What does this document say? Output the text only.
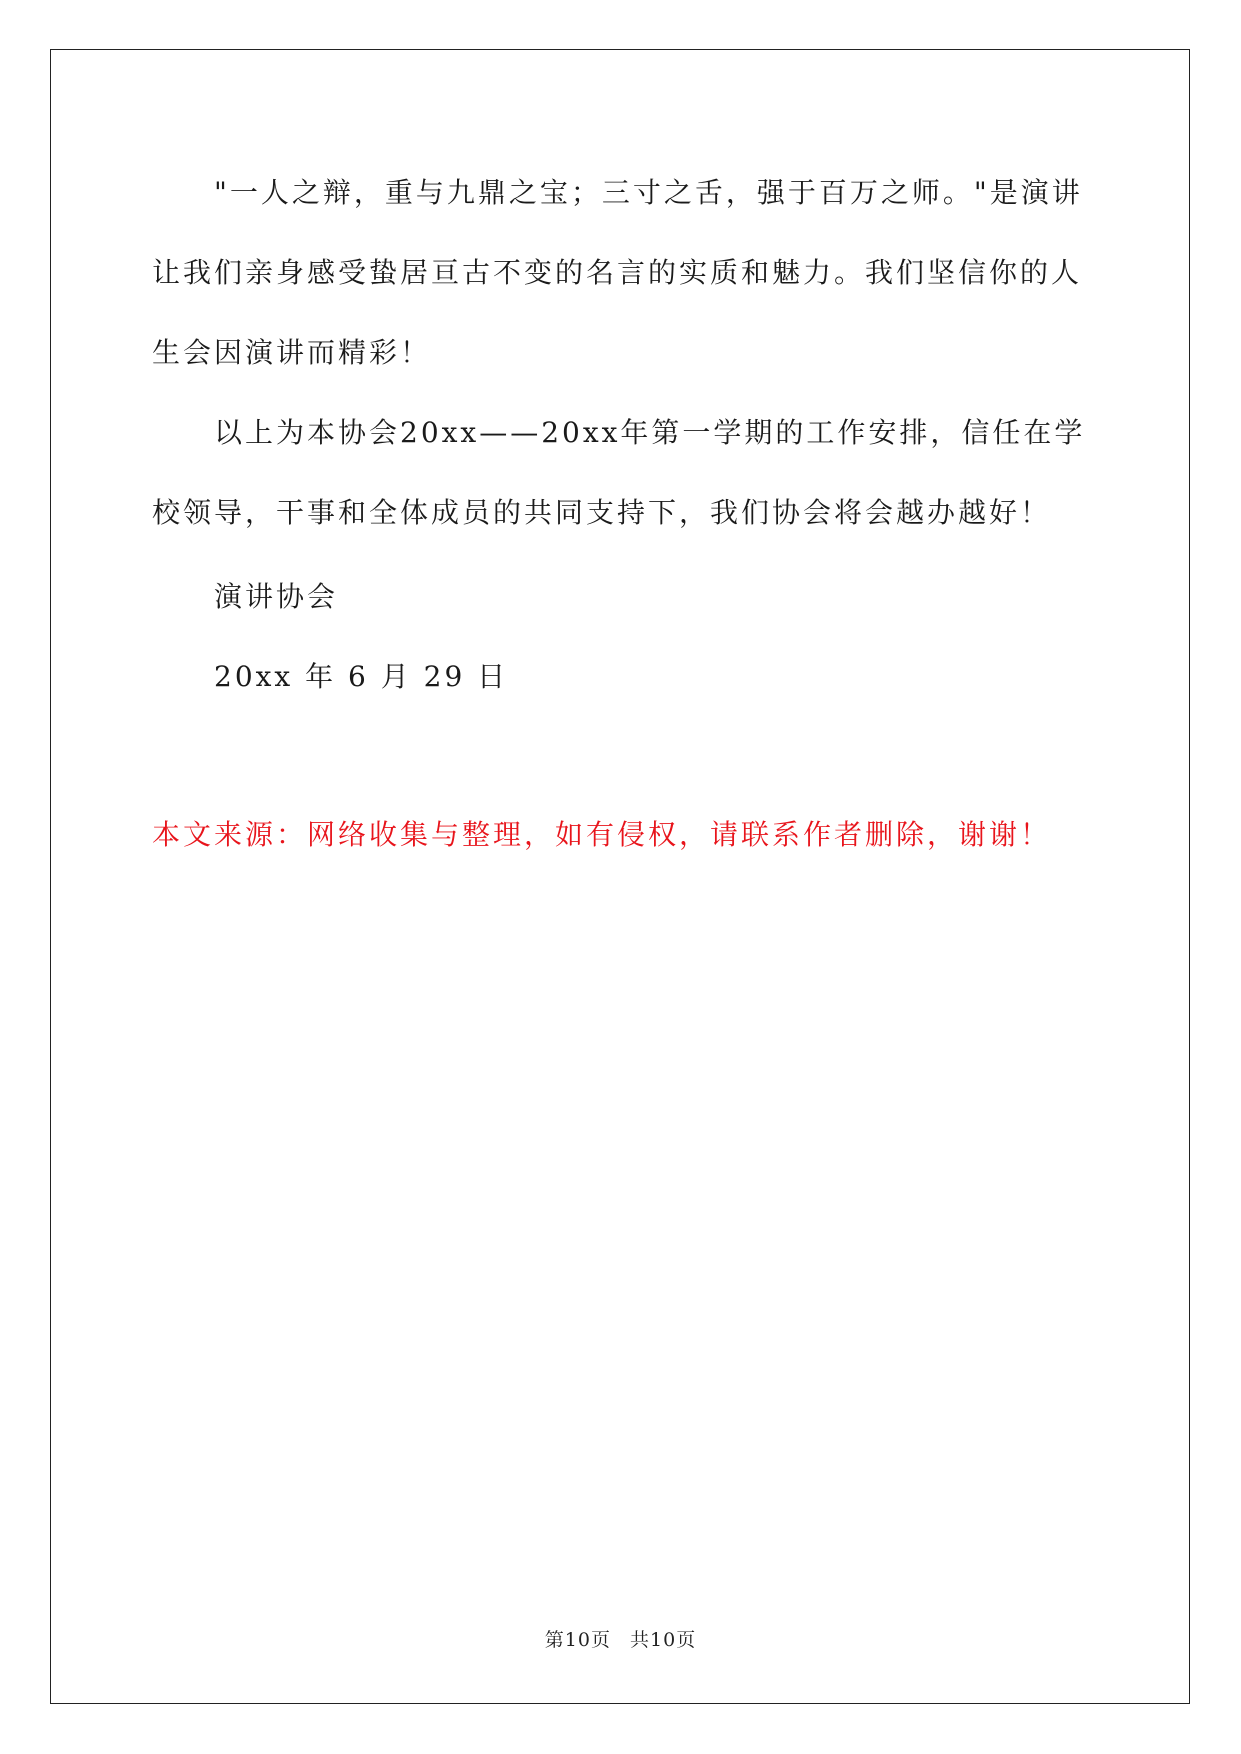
"一人之辩，重与九鼎之宝；三寸之舌，强于百万之师。"是演讲让我们亲身感受蛰居亘古不变的名言的实质和魅力。我们坚信你的人生会因演讲而精彩！

以上为本协会20xx——20xx年第一学期的工作安排，信任在学校领导，干事和全体成员的共同支持下，我们协会将会越办越好！

演讲协会

20xx 年 6 月 29 日

本文来源：网络收集与整理，如有侵权，请联系作者删除，谢谢！

第10页 共10页
